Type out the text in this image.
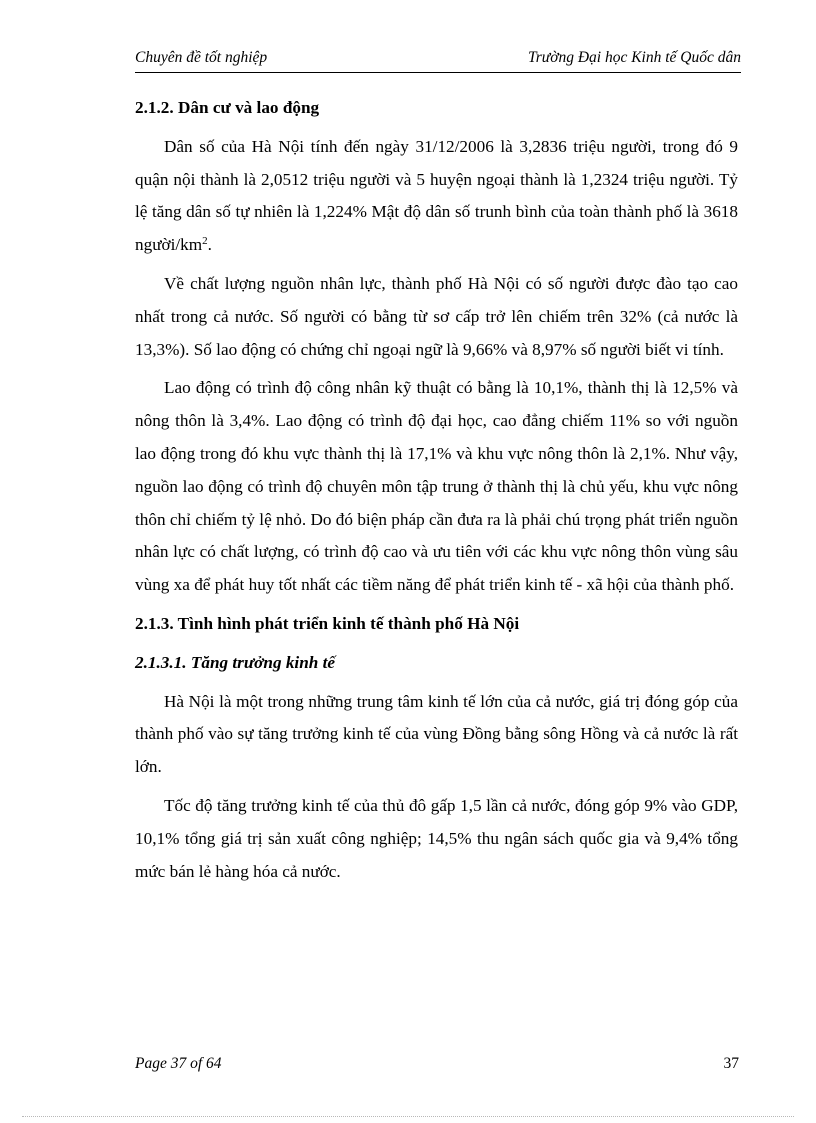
Chuyên đề tốt nghiệp	Trường Đại học Kinh tế Quốc dân
2.1.2. Dân cư và lao động

Dân số của Hà Nội tính đến ngày 31/12/2006 là 3,2836 triệu người, trong đó 9 quận nội thành là 2,0512 triệu người và 5 huyện ngoại thành là 1,2324 triệu người. Tỷ lệ tăng dân số tự nhiên là 1,224% Mật độ dân số trunh bình của toàn thành phố là 3618 người/$km^2$.

Về chất lượng nguồn nhân lực, thành phố Hà Nội có số người được đào tạo cao nhất trong cả nước. Số người có bằng từ sơ cấp trở lên chiếm trên 32% (cả nước là 13,3%). Số lao động có chứng chỉ ngoại ngữ là 9,66% và 8,97% số người biết vi tính.

Lao động có trình độ công nhân kỹ thuật có bằng là 10,1%, thành thị là 12,5% và nông thôn là 3,4%. Lao động có trình độ đại học, cao đẳng chiếm 11% so với nguồn lao động trong đó khu vực thành thị là 17,1% và khu vực nông thôn là 2,1%. Như vậy, nguồn lao động có trình độ chuyên môn tập trung ở thành thị là chủ yếu, khu vực nông thôn chỉ chiếm tỷ lệ nhỏ. Do đó biện pháp cần đưa ra là phải chú trọng phát triển nguồn nhân lực có chất lượng, có trình độ cao và ưu tiên với các khu vực nông thôn vùng sâu vùng xa để phát huy tốt nhất các tiềm năng để phát triển kinh tế - xã hội của thành phố.

2.1.3. Tình hình phát triển kinh tế thành phố Hà Nội
2.1.3.1. Tăng trưởng kinh tế

Hà Nội là một trong những trung tâm kinh tế lớn của cả nước, giá trị đóng góp của thành phố vào sự tăng trưởng kinh tế của vùng Đồng bằng sông Hồng và cả nước là rất lớn.

Tốc độ tăng trưởng kinh tế của thủ đô gấp 1,5 lần cả nước, đóng góp 9% vào GDP, 10,1% tổng giá trị sản xuất công nghiệp; 14,5% thu ngân sách quốc gia và 9,4% tổng mức bán lẻ hàng hóa cả nước.

Page 37 of 64	37
